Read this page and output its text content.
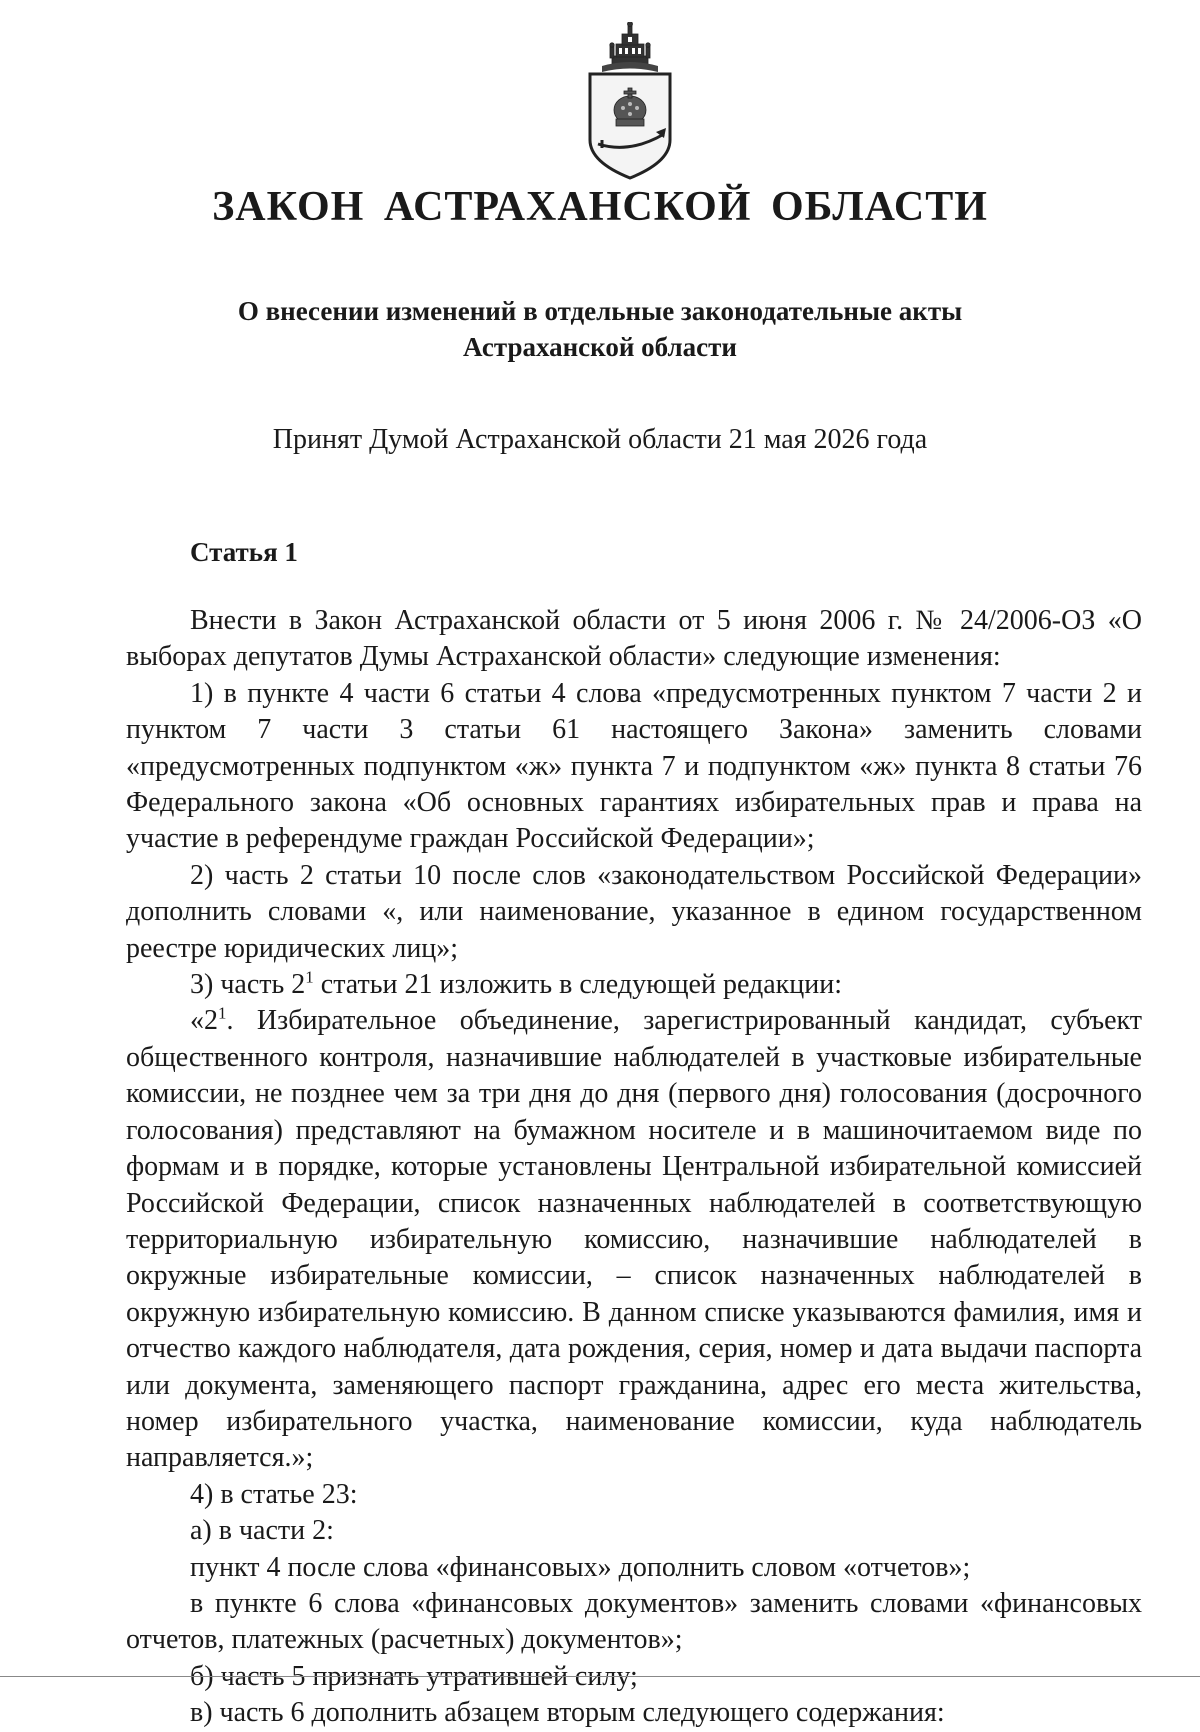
ЗАКОН АСТРАХАНСКОЙ ОБЛАСТИ
О внесении изменений в отдельные законодательные акты
Астраханской области
Принят Думой Астраханской области 21 мая 2026 года
Статья 1

Внести в Закон Астраханской области от 5 июня 2006 г. № 24/2006-ОЗ «О выборах депутатов Думы Астраханской области» следующие изменения:

1) в пункте 4 части 6 статьи 4 слова «предусмотренных пунктом 7 части 2 и пунктом 7 части 3 статьи 61 настоящего Закона» заменить словами «предусмотренных подпунктом «ж» пункта 7 и подпунктом «ж» пункта 8 статьи 76 Федерального закона «Об основных гарантиях избирательных прав и права на участие в референдуме граждан Российской Федерации»;

2) часть 2 статьи 10 после слов «законодательством Российской Федерации» дополнить словами «, или наименование, указанное в едином государственном реестре юридических лиц»;

3) часть $2^1$ статьи 21 изложить в следующей редакции:

«$2^1$. Избирательное объединение, зарегистрированный кандидат, субъект общественного контроля, назначившие наблюдателей в участковые избирательные комиссии, не позднее чем за три дня до дня (первого дня) голосования (досрочного голосования) представляют на бумажном носителе и в машиночитаемом виде по формам и в порядке, которые установлены Центральной избирательной комиссией Российской Федерации, список назначенных наблюдателей в соответствующую территориальную избирательную комиссию, назначившие наблюдателей в окружные избирательные комиссии, – список назначенных наблюдателей в окружную избирательную комиссию. В данном списке указываются фамилия, имя и отчество каждого наблюдателя, дата рождения, серия, номер и дата выдачи паспорта или документа, заменяющего паспорт гражданина, адрес его места жительства, номер избирательного участка, наименование комиссии, куда наблюдатель направляется.»;

4) в статье 23:

а) в части 2:

пункт 4 после слова «финансовых» дополнить словом «отчетов»;

в пункте 6 слова «финансовых документов» заменить словами «финансовых отчетов, платежных (расчетных) документов»;

б) часть 5 признать утратившей силу;

в) часть 6 дополнить абзацем вторым следующего содержания:
